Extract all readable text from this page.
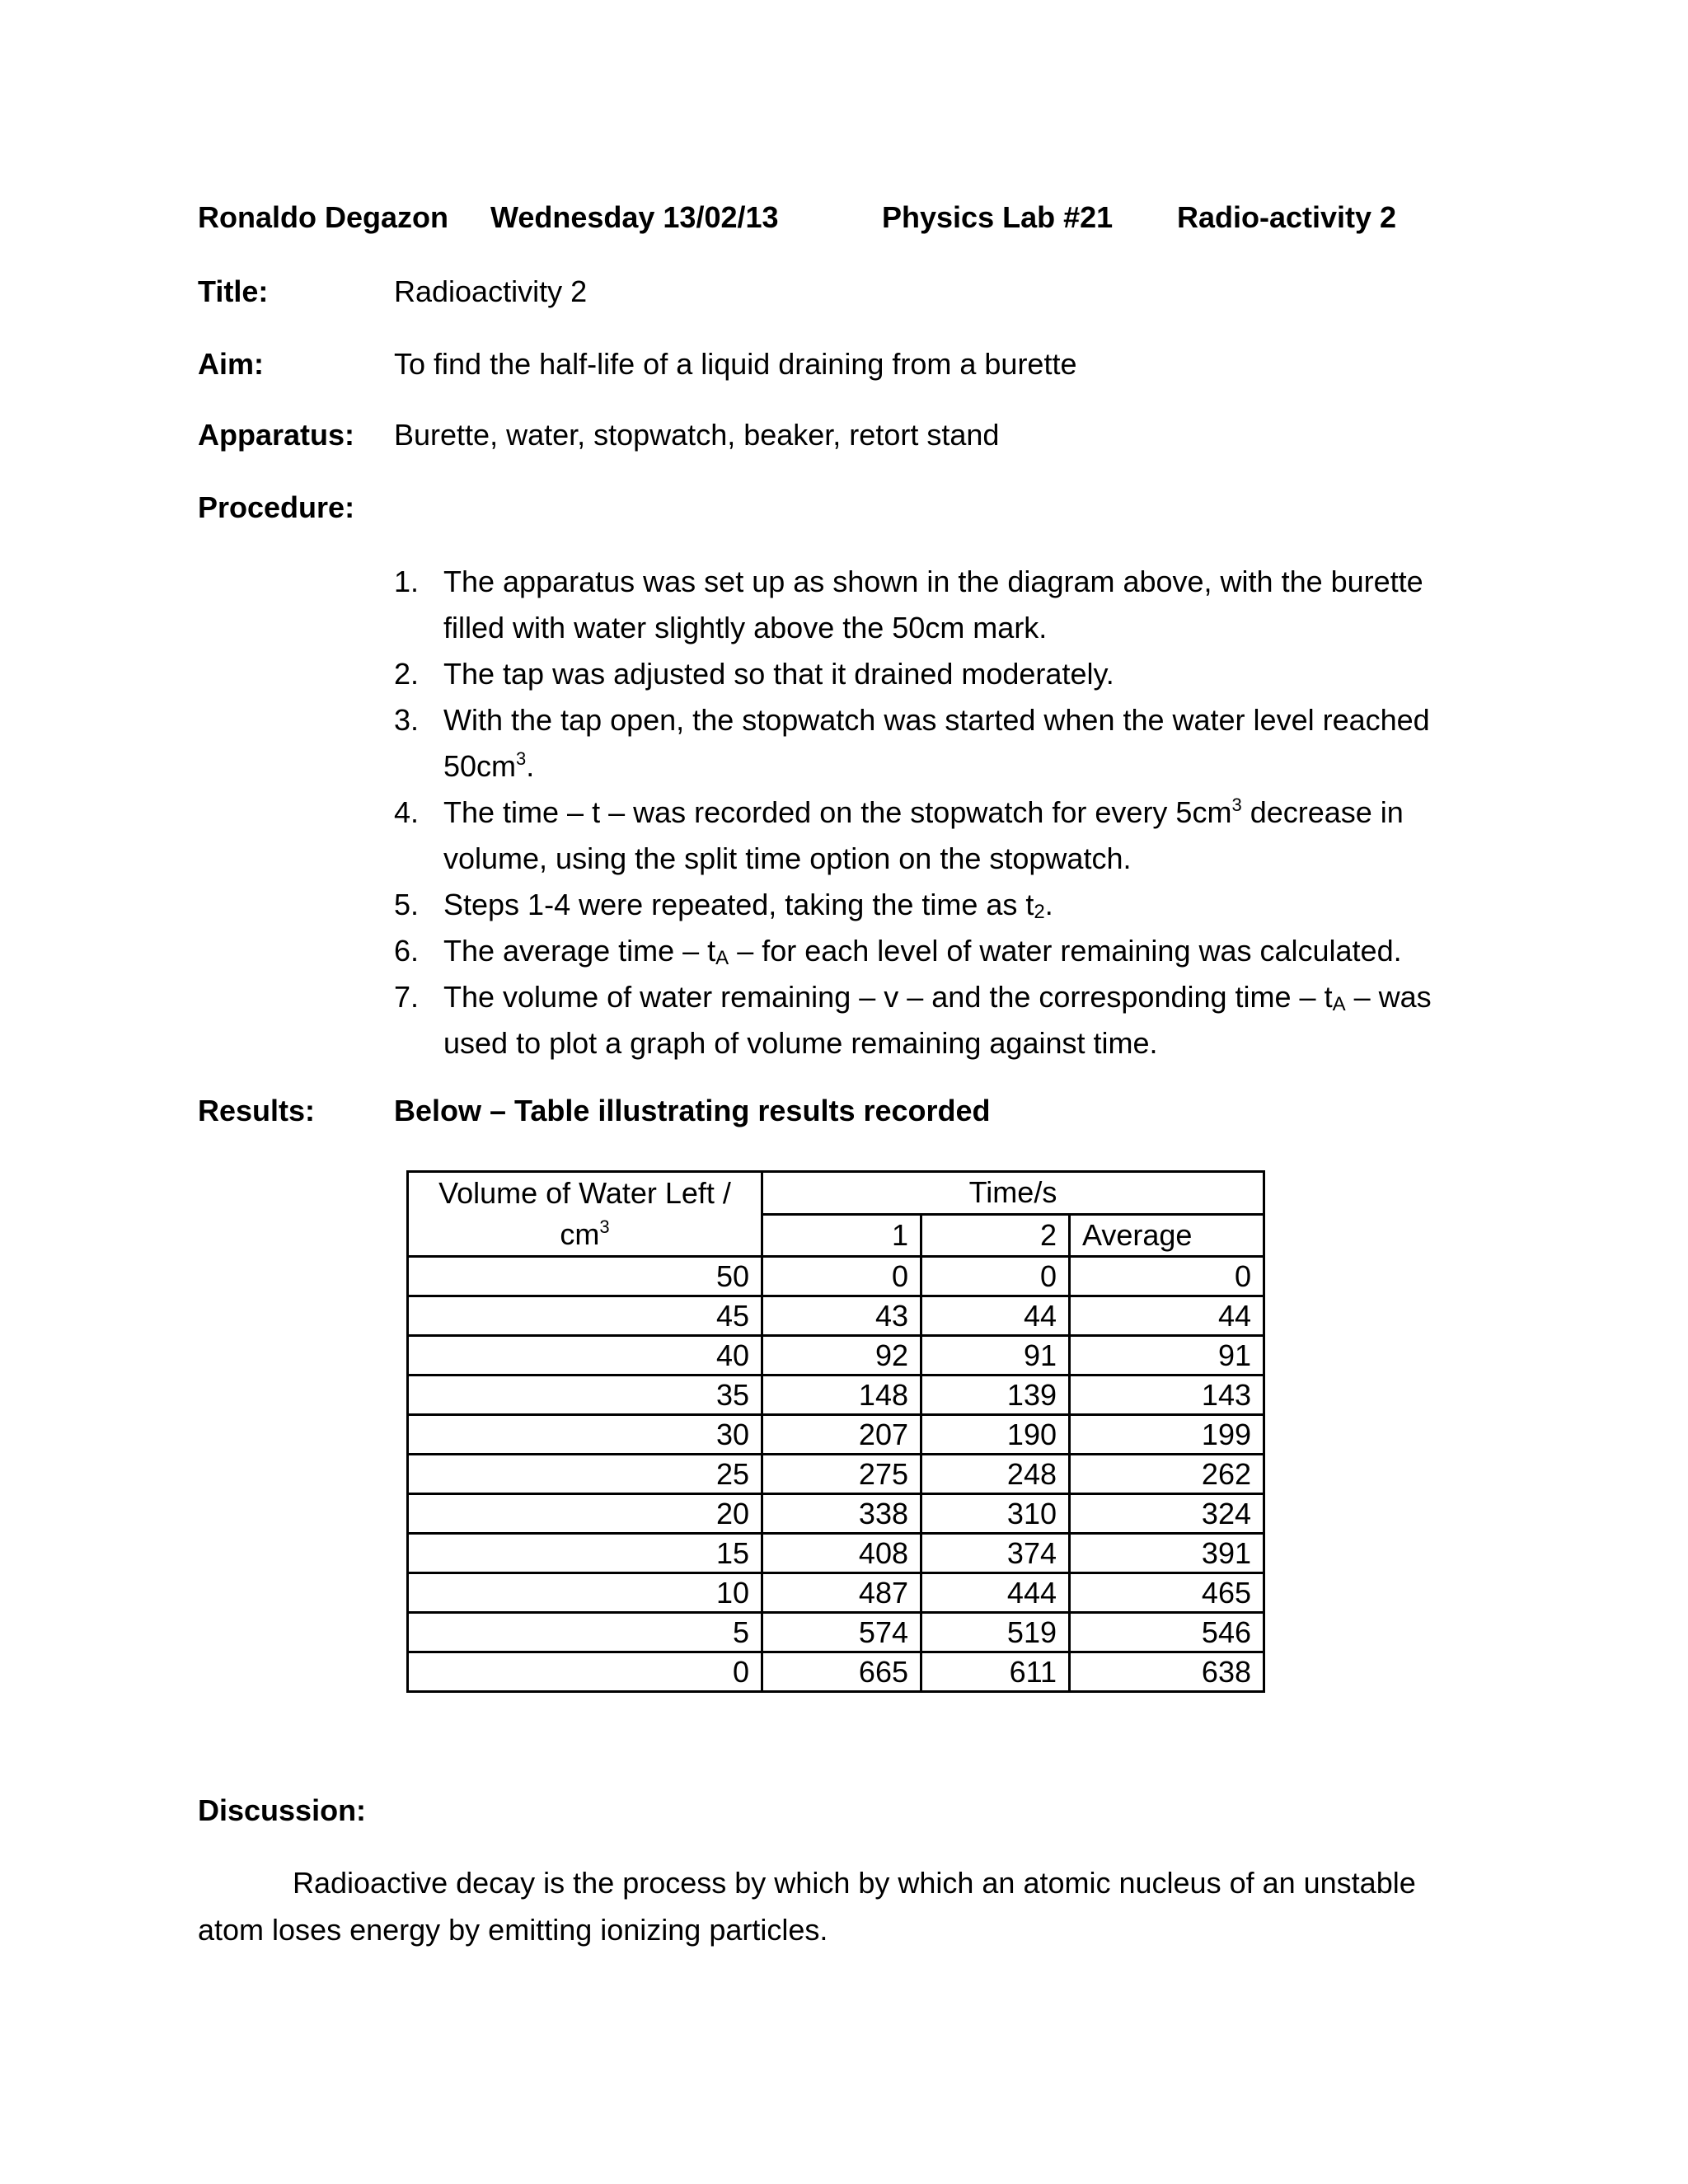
Ronaldo Degazon Wednesday 13/02/13	Physics Lab #21 Radio-activity 2
Title:	Radioactivity 2
Aim:	To find the half-life of a liquid draining from a burette
Apparatus: Burette, water, stopwatch, beaker, retort stand
Procedure:
1. The apparatus was set up as shown in the diagram above, with the burette filled with water slightly above the 50cm mark.
2. The tap was adjusted so that it drained moderately.
3. With the tap open, the stopwatch was started when the water level reached $50cm^3$.
4. The time – t – was recorded on the stopwatch for every $5cm^3$ decrease in volume, using the split time option on the stopwatch.
5. Steps 1-4 were repeated, taking the time as $t_2$.
6. The average time – $t_A$ – for each level of water remaining was calculated.
7. The volume of water remaining – v – and the corresponding time – $t_A$ – was used to plot a graph of volume remaining against time.
Results:	Below – Table illustrating results recorded
Volume of Water Left /
$cm^3$	Time/s		
	1	2	Average
50	0	0	0
45	43	44	44
40	92	91	91
35	148	139	143
30	207	190	199
25	275	248	262
20	338	310	324
15	408	374	391
10	487	444	465
5	574	519	546
0	665	611	638
Discussion:
Radioactive decay is the process by which by which an atomic nucleus of an unstable
atom loses energy by emitting ionizing particles.
